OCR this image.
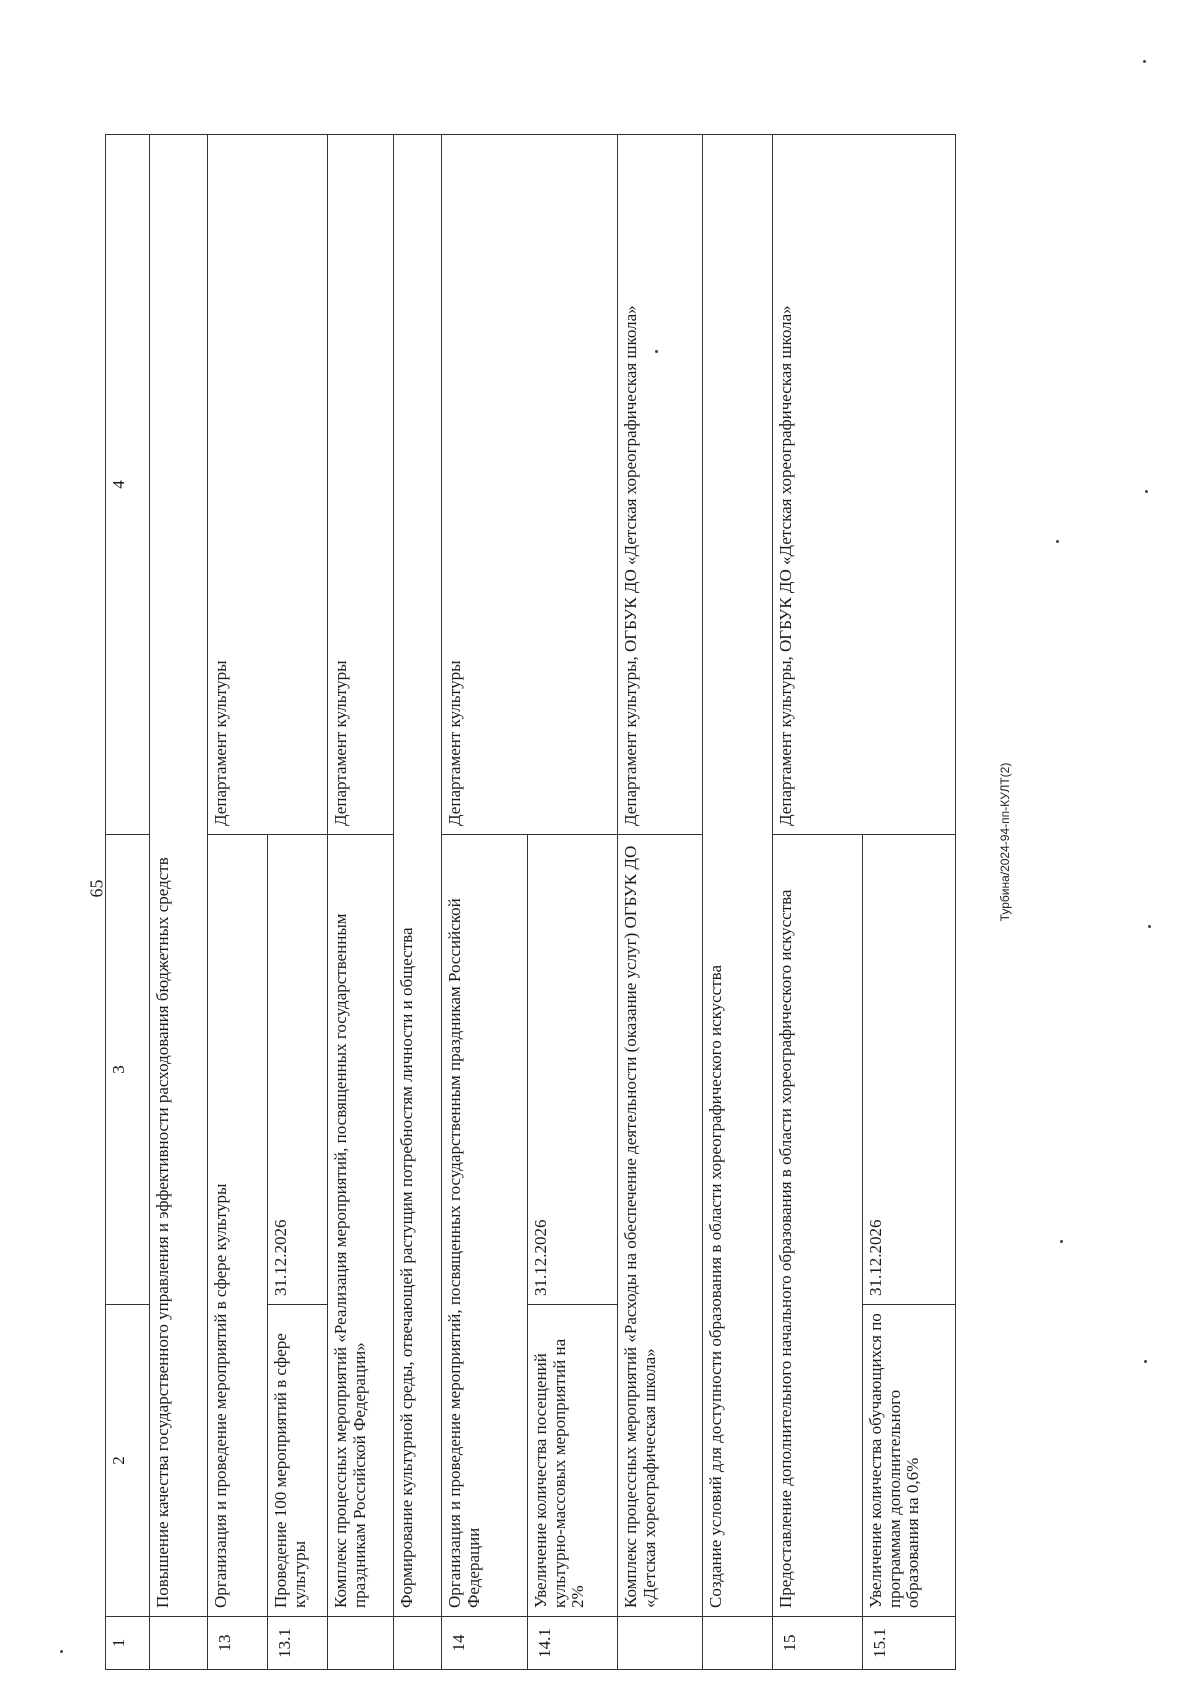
65
1	2	3	4
	Повышение качества государственного управления и эффективности расходования бюджетных средств		
13	Организация и проведение мероприятий в сфере культуры		Департамент культуры
13.1	Проведение 100 мероприятий в сфере культуры	31.12.2026	
	Комплекс процессных мероприятий «Реализация мероприятий, посвященных государственным праздникам Российской Федерации»		Департамент культуры
	Формирование культурной среды, отвечающей растущим потребностям личности и общества		
14	Организация и проведение мероприятий, посвященных государственным праздникам Российской Федерации		Департамент культуры
14.1	Увеличение количества посещений культурно-массовых мероприятий на 2%	31.12.2026	
	Комплекс процессных мероприятий «Расходы на обеспечение деятельности (оказание услуг) ОГБУК ДО «Детская хореографическая школа»		Департамент культуры, ОГБУК ДО «Детская хореографическая школа»
	Создание условий для доступности образования в области хореографического искусства		
15	Предоставление дополнительного начального образования в области хореографического искусства		Департамент культуры, ОГБУК ДО «Детская хореографическая школа»
15.1	Увеличение количества обучающихся по программам дополнительного образования на 0,6%	31.12.2026	
Турбина/2024-94-пп-КУЛТ(2)
